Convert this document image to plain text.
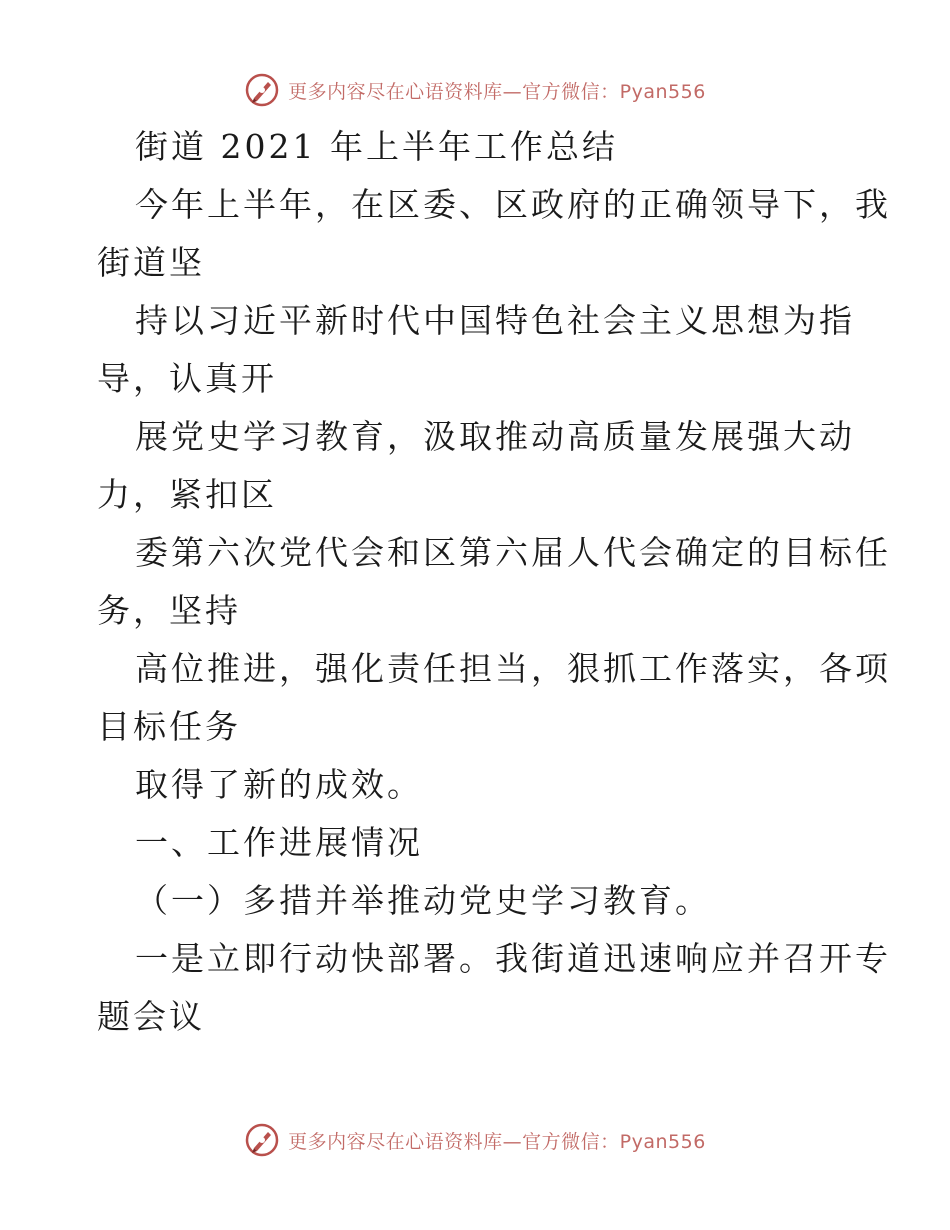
更多内容尽在心语资料库—官方微信：Pyan556
街道 2021 年上半年工作总结
今年上半年，在区委、区政府的正确领导下，我
街道坚
持以习近平新时代中国特色社会主义思想为指
导，认真开
展党史学习教育，汲取推动高质量发展强大动
力，紧扣区
委第六次党代会和区第六届人代会确定的目标任
务，坚持
高位推进，强化责任担当，狠抓工作落实，各项
目标任务
取得了新的成效。
一、工作进展情况
（一）多措并举推动党史学习教育。
一是立即行动快部署。我街道迅速响应并召开专
题会议
更多内容尽在心语资料库—官方微信：Pyan556
